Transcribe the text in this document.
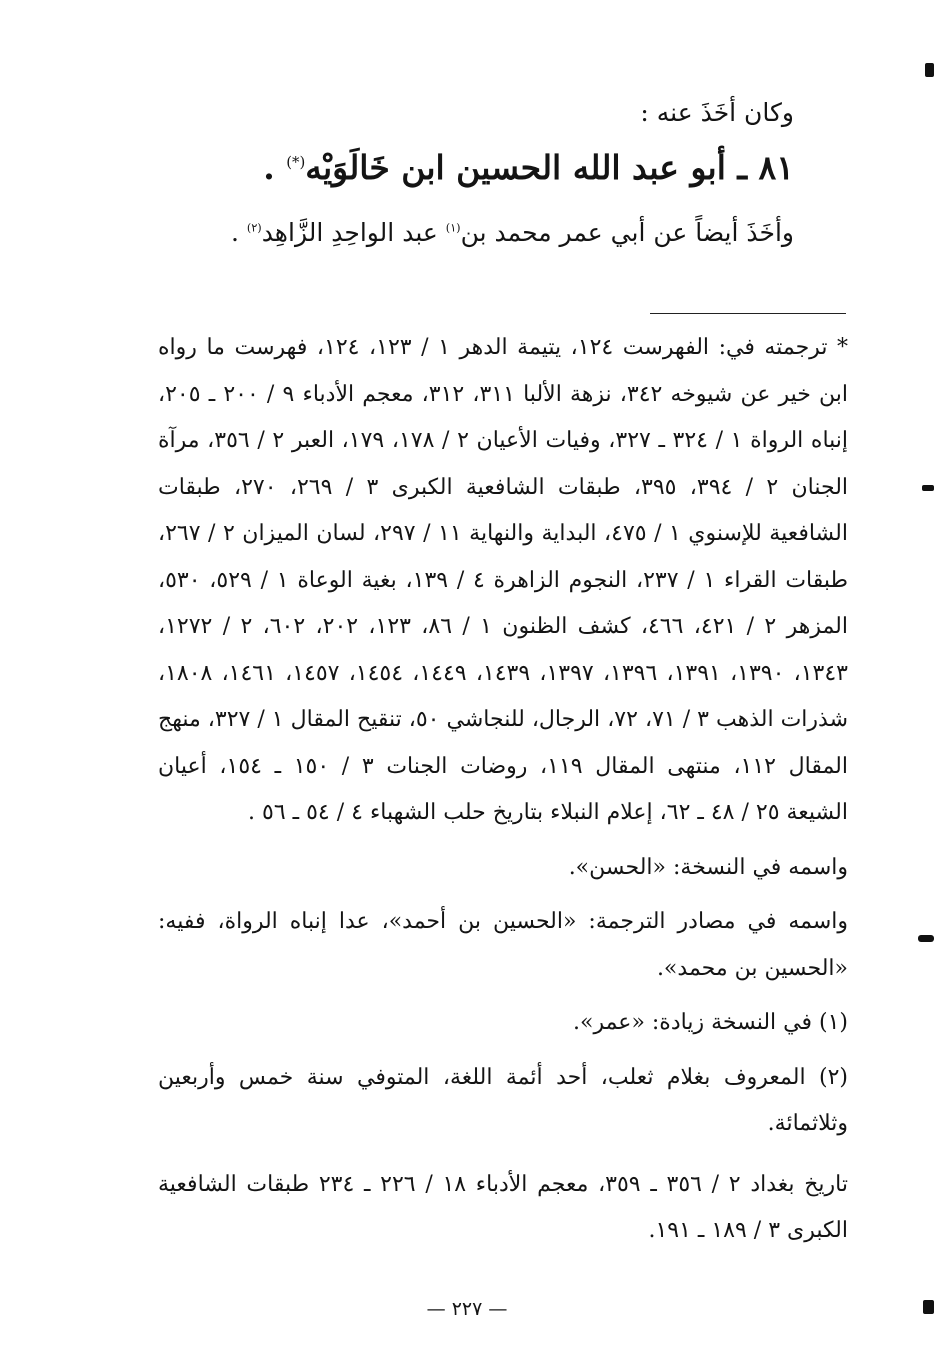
وكان أخَذَ عنه :
٨١ ـ أبو عبد الله الحسين ابن خَالَوَيْه(*) .
وأخَذَ أيضاً عن أبي عمر محمد بن$^{(١)}$ عبد الواحِدِ الزَّاهِد$^{(٢)}$ .

* ترجمته في: الفهرست ١٢٤، يتيمة الدهر ١ / ١٢٣، ١٢٤، فهرست ما رواه ابن خير عن شيوخه ٣٤٢، نزهة الألبا ٣١١، ٣١٢، معجم الأدباء ٩ / ٢٠٠ ـ ٢٠٥، إنباه الرواة ١ / ٣٢٤ ـ ٣٢٧، وفيات الأعيان ٢ / ١٧٨، ١٧٩، العبر ٢ / ٣٥٦، مرآة الجنان ٢ / ٣٩٤، ٣٩٥، طبقات الشافعية الكبرى ٣ / ٢٦٩، ٢٧٠، طبقات الشافعية للإسنوي ١ / ٤٧٥، البداية والنهاية ١١ / ٢٩٧، لسان الميزان ٢ / ٢٦٧، طبقات القراء ١ / ٢٣٧، النجوم الزاهرة ٤ / ١٣٩، بغية الوعاة ١ / ٥٢٩، ٥٣٠، المزهر ٢ / ٤٢١، ٤٦٦، كشف الظنون ١ / ٨٦، ١٢٣، ٢٠٢، ٦٠٢، ٢ / ١٢٧٢، ١٣٤٣، ١٣٩٠، ١٣٩١، ١٣٩٦، ١٣٩٧، ١٤٣٩، ١٤٤٩، ١٤٥٤، ١٤٥٧، ١٤٦١، ١٨٠٨، شذرات الذهب ٣ / ٧١، ٧٢، الرجال، للنجاشي ٥٠، تنقيح المقال ١ / ٣٢٧، منهج المقال ١١٢، منتهى المقال ١١٩، روضات الجنات ٣ / ١٥٠ ـ ١٥٤، أعيان الشيعة ٢٥ / ٤٨ ـ ٦٢، إعلام النبلاء بتاريخ حلب الشهباء ٤ / ٥٤ ـ ٥٦ .

واسمه في النسخة: «الحسن».

واسمه في مصادر الترجمة: «الحسين بن أحمد»، عدا إنباه الرواة، ففيه: «الحسين بن محمد».

(١) في النسخة زيادة: «عمر».

(٢) المعروف بغلام ثعلب، أحد أئمة اللغة، المتوفي سنة خمس وأربعين وثلاثمائة.

تاريخ بغداد ٢ / ٣٥٦ ـ ٣٥٩، معجم الأدباء ١٨ / ٢٢٦ ـ ٢٣٤ طبقات الشافعية الكبرى ٣ / ١٨٩ ـ ١٩١.

— ٢٢٧ —
